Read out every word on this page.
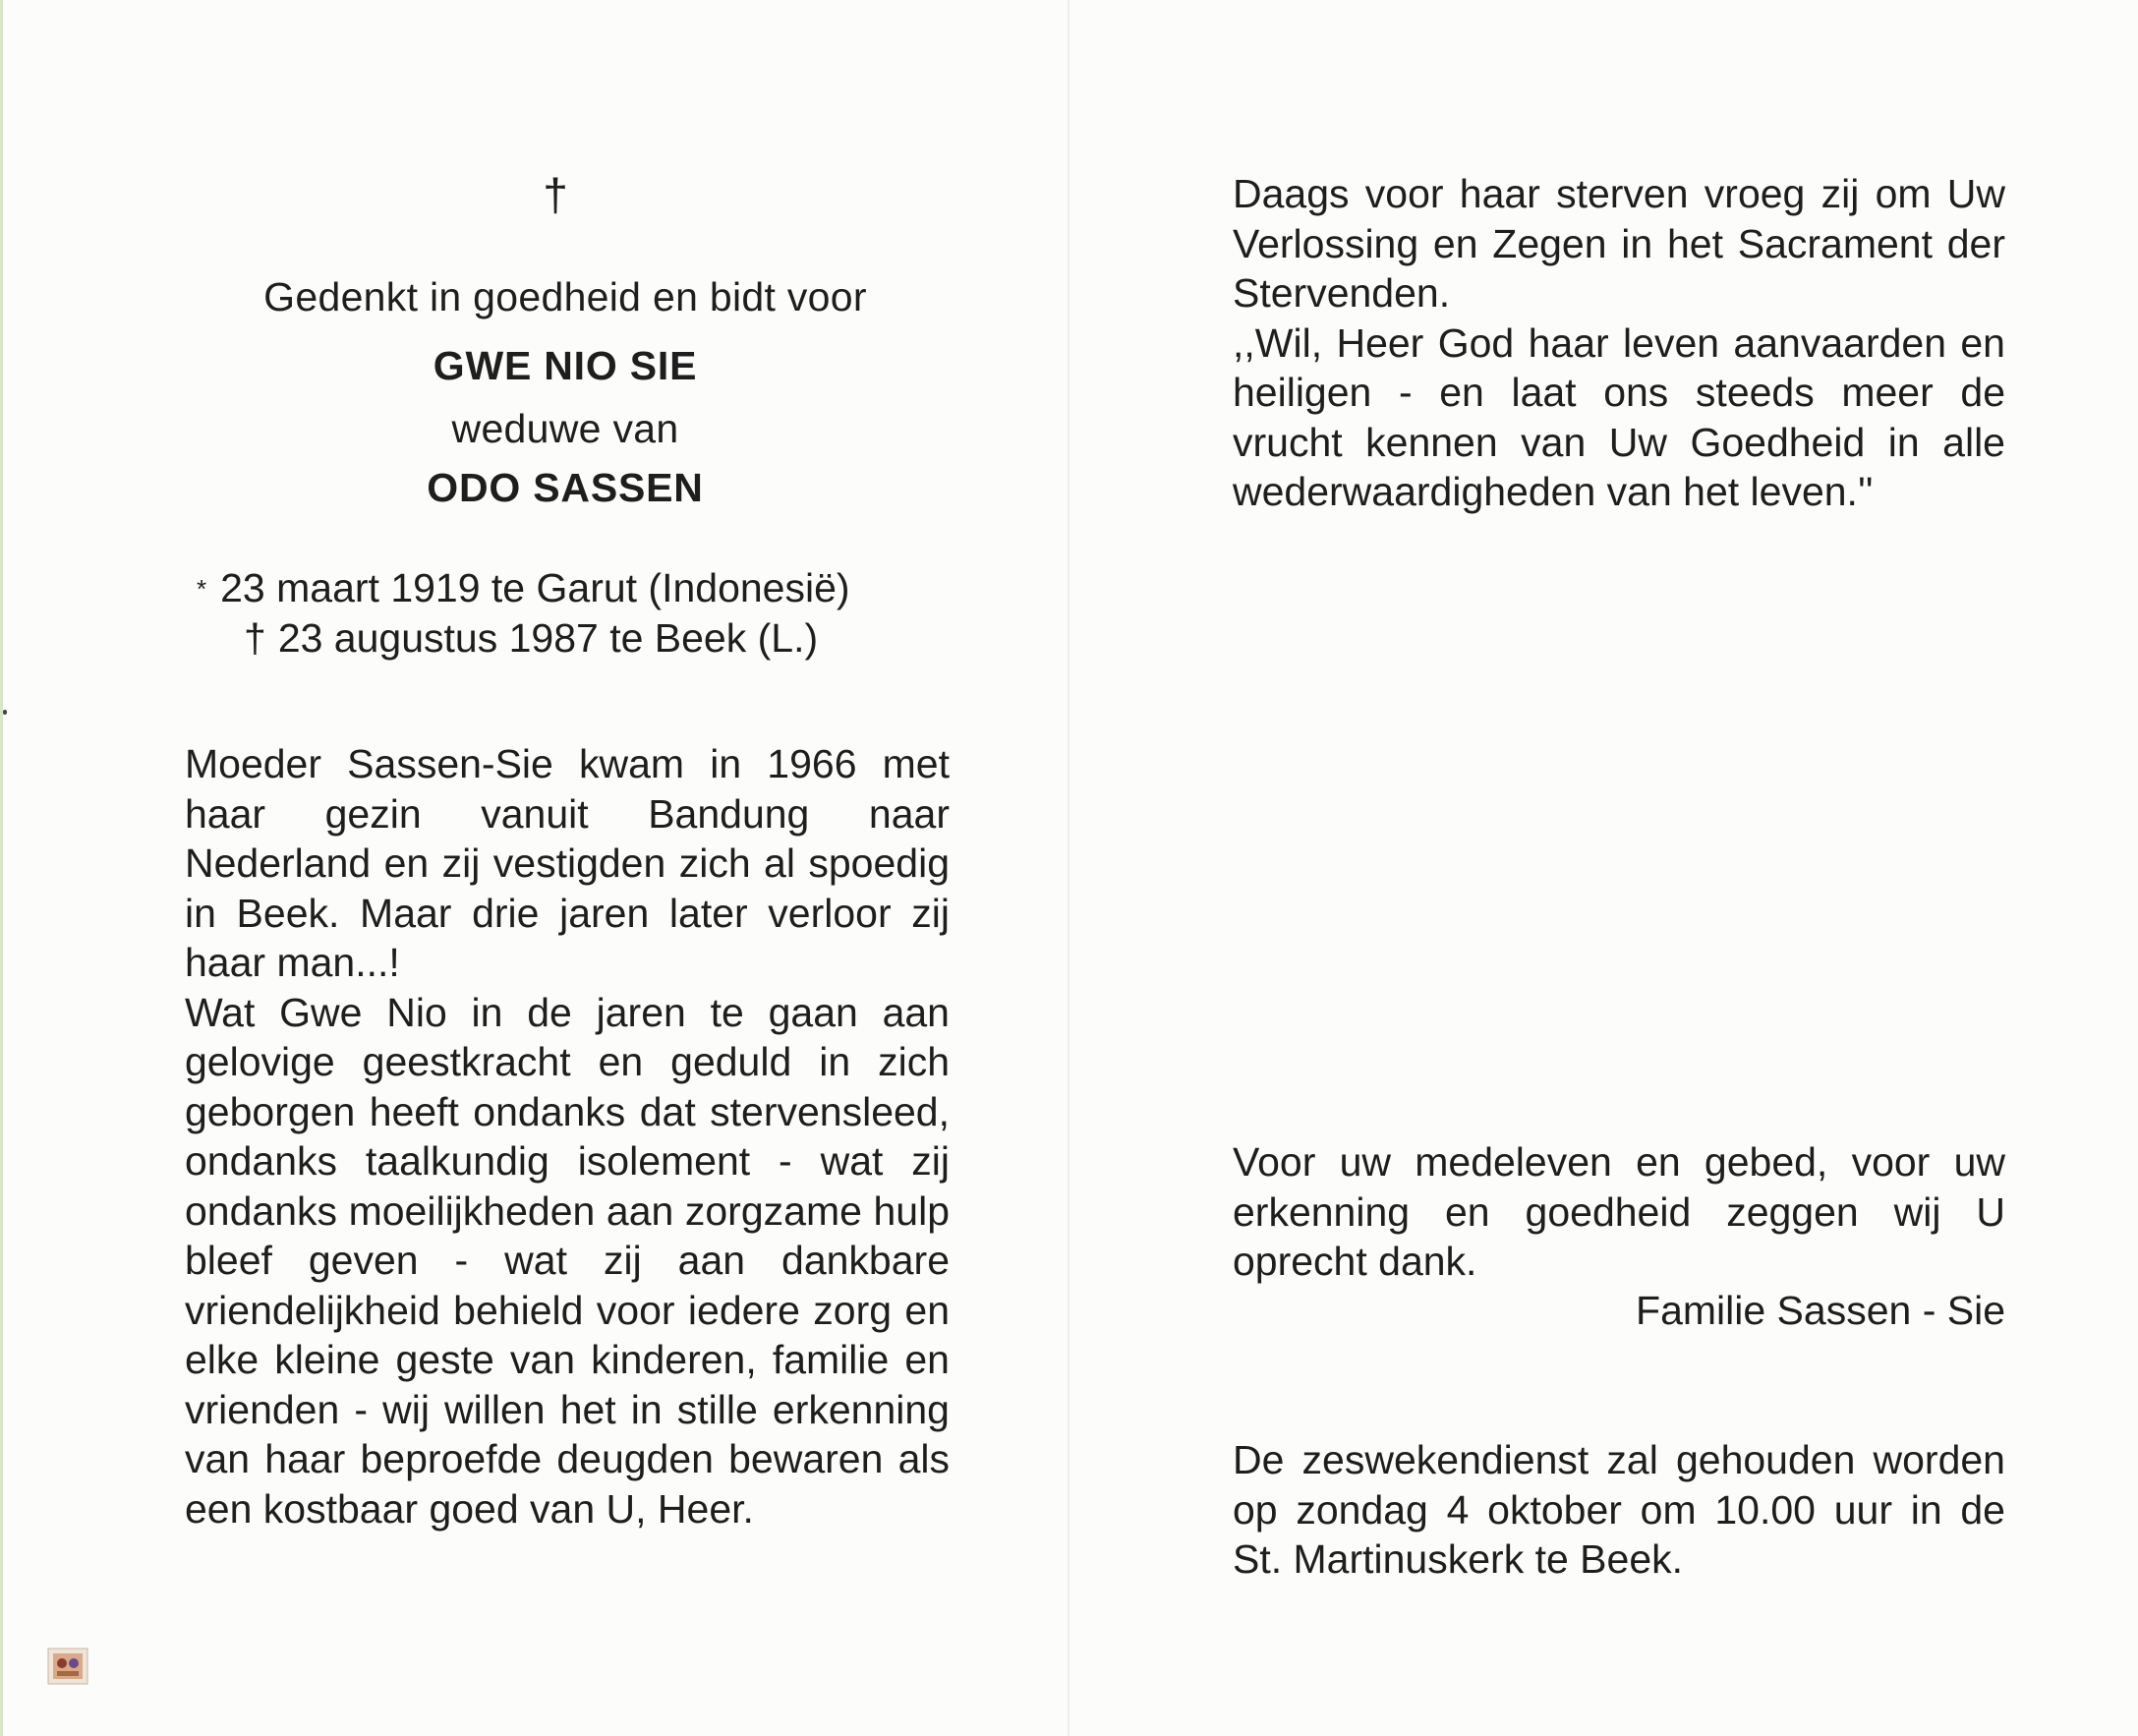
†
Gedenkt in goedheid en bidt voor
GWE NIO SIE
weduwe van
ODO SASSEN
* 23 maart 1919 te Garut (Indonesië)
† 23 augustus 1987 te Beek (L.)

Moeder Sassen-Sie kwam in 1966 met haar gezin vanuit Bandung naar Nederland en zij vestigden zich al spoedig in Beek. Maar drie jaren later verloor zij haar man...!

Wat Gwe Nio in de jaren te gaan aan gelovige geestkracht en geduld in zich geborgen heeft ondanks dat stervensleed, ondanks taalkundig isolement - wat zij ondanks moeilijkheden aan zorgzame hulp bleef geven - wat zij aan dankbare vriendelijkheid behield voor iedere zorg en elke kleine geste van kinderen, familie en vrienden - wij willen het in stille erkenning van haar beproefde deugden bewaren als een kostbaar goed van U, Heer.

Daags voor haar sterven vroeg zij om Uw Verlossing en Zegen in het Sacrament der Stervenden.

,,Wil, Heer God haar leven aanvaarden en heiligen - en laat ons steeds meer de vrucht kennen van Uw Goedheid in alle wederwaardigheden van het leven.''

Voor uw medeleven en gebed, voor uw erkenning en goedheid zeggen wij U oprecht dank.

Familie Sassen - Sie

De zeswekendienst zal gehouden worden op zondag 4 oktober om 10.00 uur in de St. Martinuskerk te Beek.
